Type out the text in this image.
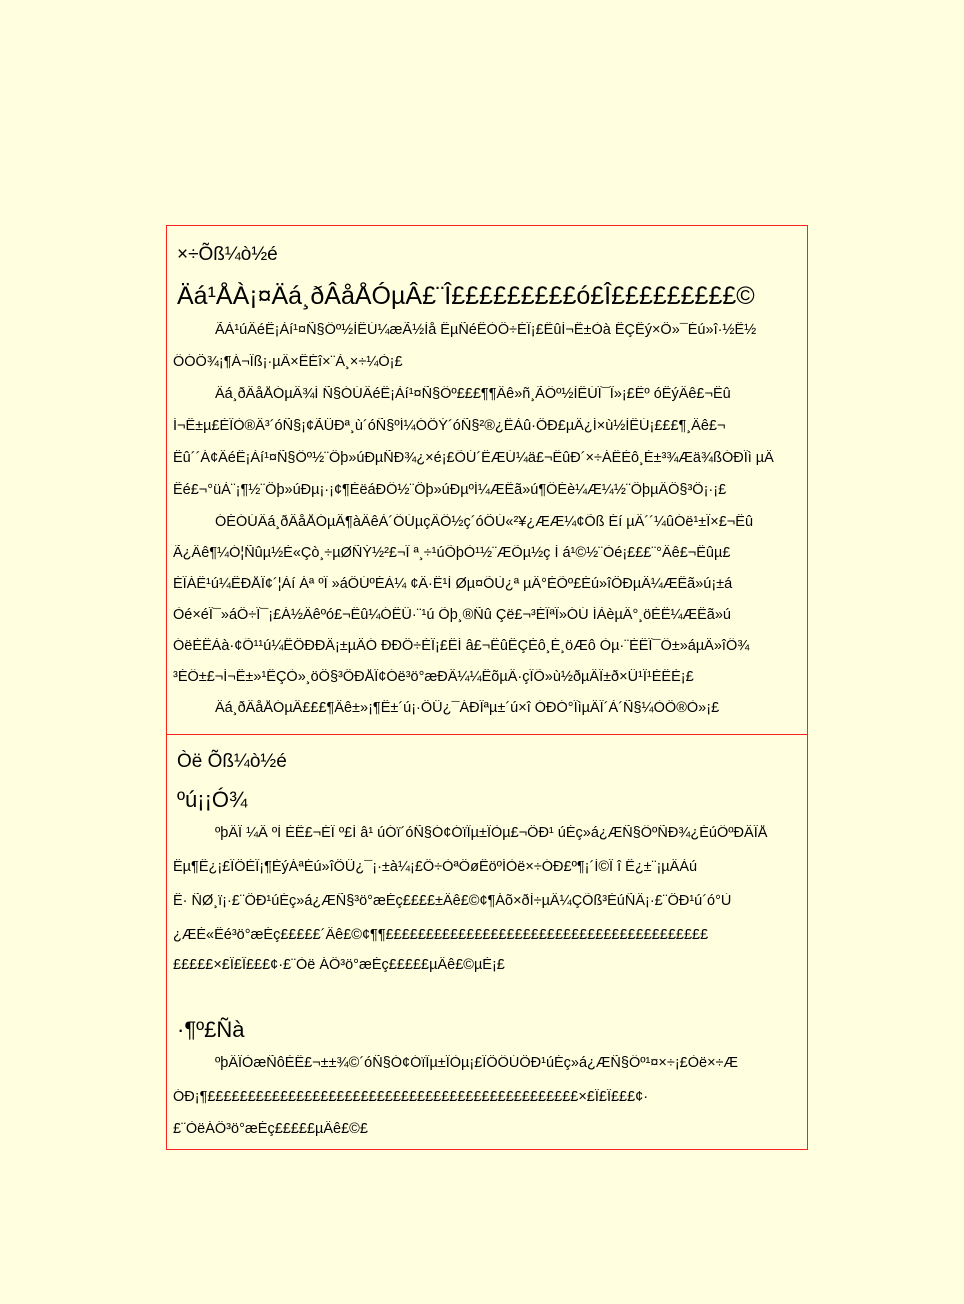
×÷Õß¼ò½é
Äá¹ÅÀ¡¤Äá¸ðÂåÅÓµÂ£¨Î£££££££££ó£Î£££££££££©
ÃÀ¹úÂéÊ¡Àí¹¤Ñ§Ôº½ÌÊÚ¼æÃ½Ìå ÊµÑéÊÒÖ÷ÈÎ¡£ËûÍ¬Ê±Òà ÊÇÊý×Ö»¯Éú»î·½Ê½
ÔÓÖ¾¡¶Á¬Ïß¡·µÄ×ÊÉî×¨À¸×÷¼Ò¡£
Äá¸ðÂåÅÓµÂ¾Í Ñ§ÓÚÂéÊ¡Àí¹¤Ñ§Ôº£££¶¶Äê»ñ¸ÃÔº½ÌÊÚÏ¯Î»¡£Ëº óÊýÄê£¬Ëû
Í¬Ê±µ£ÈÎÒ®Â³´óÑ§¡¢ÃÜÐª¸ù´óÑ§ºÍ¼ÓÖÝ´óÑ§²®¿ËÀû·ÖÐ£µÄ¿Í×ù½ÌÊÚ¡£££¶¸Äê£¬
Ëû´´Á¢ÂéÊ¡Àí¹¤Ñ§Ôº½¨Öþ»úÐµÑÐ¾¿×é¡£ÕÚ´ËÆÚ¼ä£¬ËûÐ´×÷ÁËÈô¸É±³¾Æä¾ßÓÐÏì µÄ
Êé£¬°üÀ¨¡¶½¨Öþ»úÐµ¡·¡¢¶ÈëáÐÔ½¨Öþ»úÐµºÍ¼ÆËã»ú¶ÔÉè¼Æ¼½¨ÖþµÄÖ§³Ö¡·¡£
ÓÉÓÚÄá¸ðÂåÅÓµÂ¶àÄêÀ´ÔÚµçÄÔ½ç´óÖÚ«²¥¿ÆÆ¼¢Õß Éí µÄ´´¼ûÓë¹±Ï×£¬Ëû
Ã¿Äê¶¼Ó¦Ñûµ½È«Çò¸÷µØÑÝ½²£¬Î ª¸÷¹úÕþÒ¹½¨ÆÕµ½ç Ì á¹©½¨Òé¡£££¨°Äê£¬Ëûµ£
ÈÎÁË¹ú¼ÊÐÅÏ¢´¦Àí Áª ºÏ »áÖÚºÉÀ¼ ¢Ä·Ë¹Ì Øµ¤ÕÙ¿ª µÄ°ÈÕº£Éú»îÖÐµÄ¼ÆËã»ú¡±á
Òé×éÎ¯»áÖ÷Ï¯¡£Á½Äêºó£¬Ëû¼ÓÊÜ·¨¹ú Õþ¸®Ñû Çë£¬³ÉÎªÎ»ÓÚ ÍÀèµÄ°¸öÈË¼ÆËã»ú
ÓëÈËÀà·¢Õ¹¹ú¼ÊÖÐÐÄ¡±µÄÓ ÐÐÖ÷ÈÎ¡£ËÍ â£¬ËûÊÇÈô¸É¸öÆô Òµ·¨ÈËÎ¯Ô±»áµÄ»îÔ¾
³ÉÔ±£¬Í¬Ê±»¹ÊÇÒ»¸öÖ§³ÖÐÅÏ¢Óë³ö°æÐÂ¼¼ÊõµÄ·çÏÕ»ù½ðµÄÏ±ð×Ü¹Ï¹ÈËÈ¡£
Äá¸ðÂåÅÓµÂ£££¶Äê±»¡¶Ê±´ú¡·ÖÜ¿¯ÁÐÎªµ±´ú×î ÓÐÓ°ÏìµÄÎ´À´Ñ§¼ÒÖ®Ò»¡£
Òë Õß¼ò½é
ºú¡¡Ó¾
ºþÄÏ ¼Â ºÌ ÈË£¬ÉÏ º£Í â¹ úÓï´óÑ§Ó¢ÓïÏµ±ÏÒµ£¬ÖÐ¹ úÉç»á¿ÆÑ§ÔºÑÐ¾¿ÉúÔºÐÂÎÅ
Ëµ¶Ê¿¡£ÏÖÈÎ¡¶ÈýÁªÉú»îÖÜ¿¯¡·±à¼¡£Ö÷ÒªÖøÊöºÍÒë×÷ÓÐ£º¶¡´Ì©Î î Ê¿±¨¡µÄÀú
Ê· ÑØ¸ï¡·£¨ÖÐ¹úÉç»á¿ÆÑ§³ö°æÉç££££±Äê£©¢¶Áõ×ðÌ÷µÄ¼ÇÕß³ÉúÑÄ¡·£¨ÖÐ¹ú´ó°Ù
¿ÆÈ«Êé³ö°æÉç£££££´Äê£©¢¶¶££££££££££££££££££££££££££££££££££££££££
£££££×£Ï£Î£££¢·£¨Òë ÁÖ³ö°æÉç£££££µÄê£©µÈ¡£
·¶º£Ñà
ºþÄÏÒæÑôÈË£¬±±¾©´óÑ§Ó¢ÓïÏµ±ÏÒµ¡£ÏÖÔÚÖÐ¹úÉç»á¿ÆÑ§Ôº¹¤×÷¡£Òë×÷Æ
ÓÐ¡¶££££££££££££££££££££££££££££££££££££££££££££££×£Ï£Î£££¢·
£¨ÒëÁÖ³ö°æÉç£££££µÄê£©£
